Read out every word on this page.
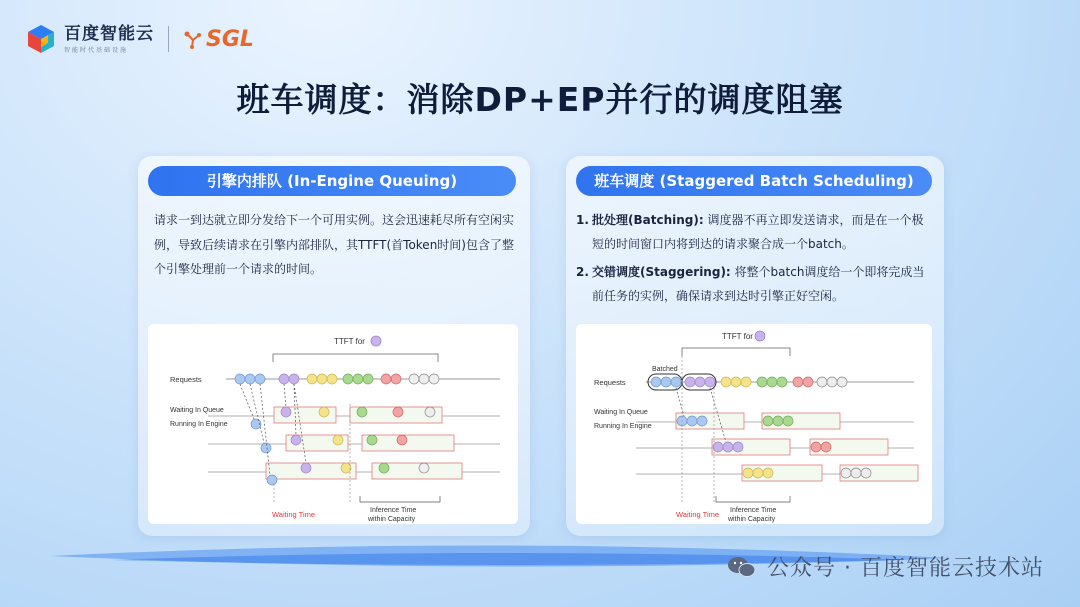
百度智能云
智能时代基础设施	SGL
班车调度：消除DP+EP并行的调度阻塞
引擎内排队 (In-Engine Queuing)
请求一到达就立即分发给下一个可用实例。这会迅速耗尽所有空闲实例，导致后续请求在引擎内部排队，其TTFT(首Token时间)包含了整个引擎处理前一个请求的时间。
TTFT for
Requests
Waiting In Queue
Running In Engine
Waiting Time	Inference Time
within Capacity
班车调度 (Staggered Batch Scheduling)
1. 批处理(Batching): 调度器不再立即发送请求，而是在一个极短的时间窗口内将到达的请求聚合成一个batch。
2. 交错调度(Staggering): 将整个batch调度给一个即将完成当前任务的实例，确保请求到达时引擎正好空闲。
TTFT for
Batched
Requests
Waiting In Queue
Running In Engine
Waiting Time Inference Time
within Capacity
公众号 · 百度智能云技术站
